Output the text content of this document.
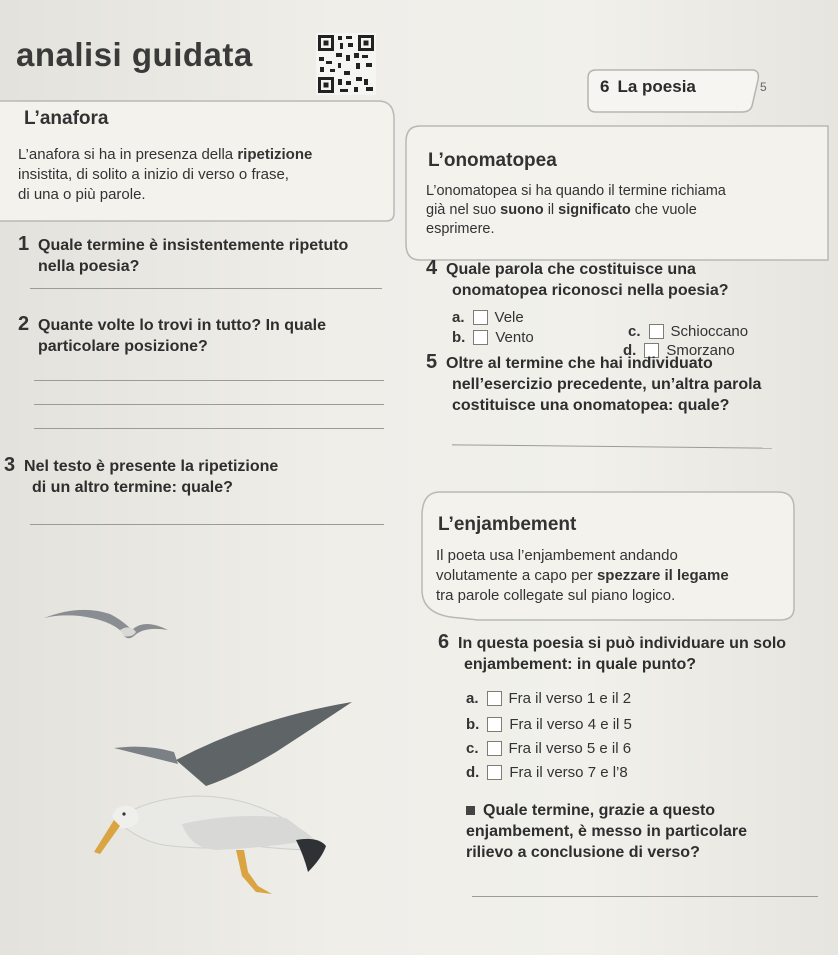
analisi guidata
6 La poesia	5
L’anafora
L’anafora si ha in presenza della ripetizione
insistita, di solito a inizio di verso o frase,
di una o più parole.
L’onomatopea
L’onomatopea si ha quando il termine richiama
già nel suo suono il significato che vuole
esprimere.
1 Quale termine è insistentemente ripetuto
nella poesia?
2 Quante volte lo trovi in tutto? In quale
particolare posizione?
3 Nel testo è presente la ripetizione
di un altro termine: quale?
4 Quale parola che costituisce una
onomatopea riconosci nella poesia?
a. Vele
b. Vento	c. Schioccano
d. Smorzano
5 Oltre al termine che hai individuato
nell’esercizio precedente, un’altra parola
costituisce una onomatopea: quale?
L’enjambement
Il poeta usa l’enjambement andando
volutamente a capo per spezzare il legame
tra parole collegate sul piano logico.
6 In questa poesia si può individuare un solo
enjambement: in quale punto?
a. Fra il verso 1 e il 2
b. Fra il verso 4 e il 5
c. Fra il verso 5 e il 6
d. Fra il verso 7 e l’8
Quale termine, grazie a questo
enjambement, è messo in particolare
rilievo a conclusione di verso?
